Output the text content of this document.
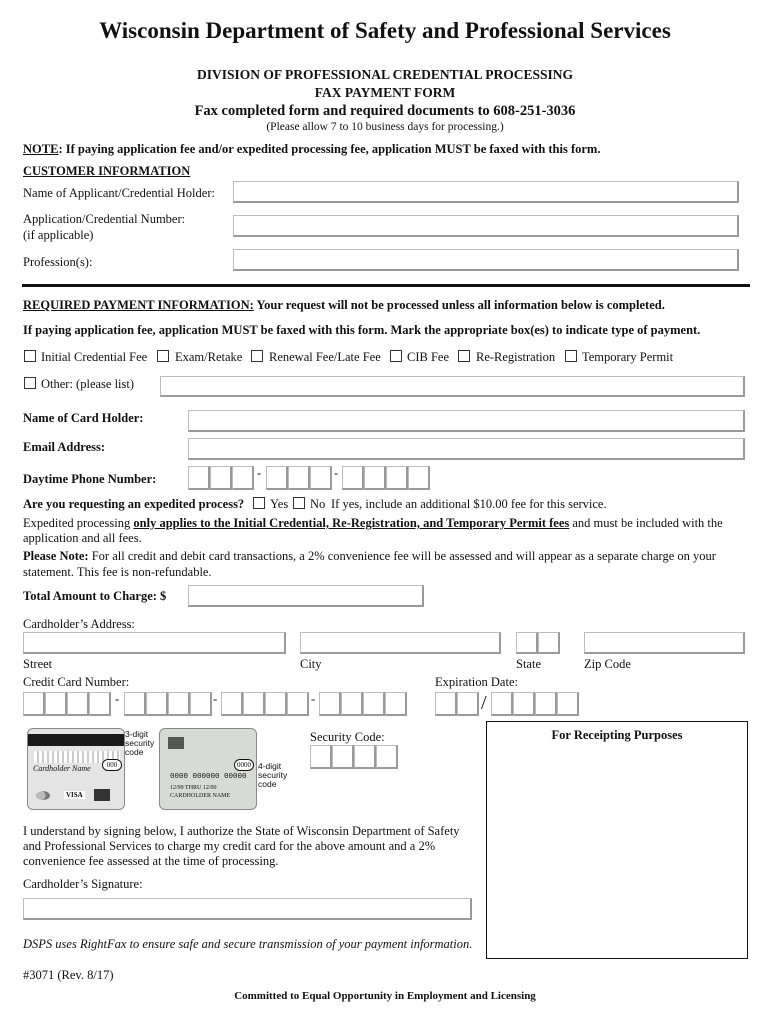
Wisconsin Department of Safety and Professional Services
DIVISION OF PROFESSIONAL CREDENTIAL PROCESSING
FAX PAYMENT FORM
Fax completed form and required documents to 608-251-3036
(Please allow 7 to 10 business days for processing.)
NOTE: If paying application fee and/or expedited processing fee, application MUST be faxed with this form.
CUSTOMER INFORMATION
Name of Applicant/Credential Holder:
Application/Credential Number:
(if applicable)
Profession(s):
REQUIRED PAYMENT INFORMATION: Your request will not be processed unless all information below is completed.
If paying application fee, application MUST be faxed with this form. Mark the appropriate box(es) to indicate type of payment.
Initial Credential Fee Exam/Retake Renewal Fee/Late Fee CIB Fee Re-Registration Temporary Permit
Other: (please list)
Name of Card Holder:
Email Address:
Daytime Phone Number:	-	-
Are you requesting an expedited process? Yes No If yes, include an additional $10.00 fee for this service.
Expedited processing only applies to the Initial Credential, Re-Registration, and Temporary Permit fees and must be included with the
application and all fees.
Please Note: For all credit and debit card transactions, a 2% convenience fee will be assessed and will appear as a separate charge on your
statement. This fee is non-refundable.
Total Amount to Charge: $
Cardholder’s Address:
Street	City	State	Zip Code
Credit Card Number:	Expiration Date:
-	-	-	/
Cardholder Name	000
VISA
3-digit
security
code
0000
0000 000000 00000
12/99 THRU 12/00
CARDHOLDER NAME
4-digit
security
code
Security Code:	For Receipting Purposes
I understand by signing below, I authorize the State of Wisconsin Department of Safety
and Professional Services to charge my credit card for the above amount and a 2%
convenience fee assessed at the time of processing.
Cardholder’s Signature:
DSPS uses RightFax to ensure safe and secure transmission of your payment information.
#3071 (Rev. 8/17)
Committed to Equal Opportunity in Employment and Licensing
